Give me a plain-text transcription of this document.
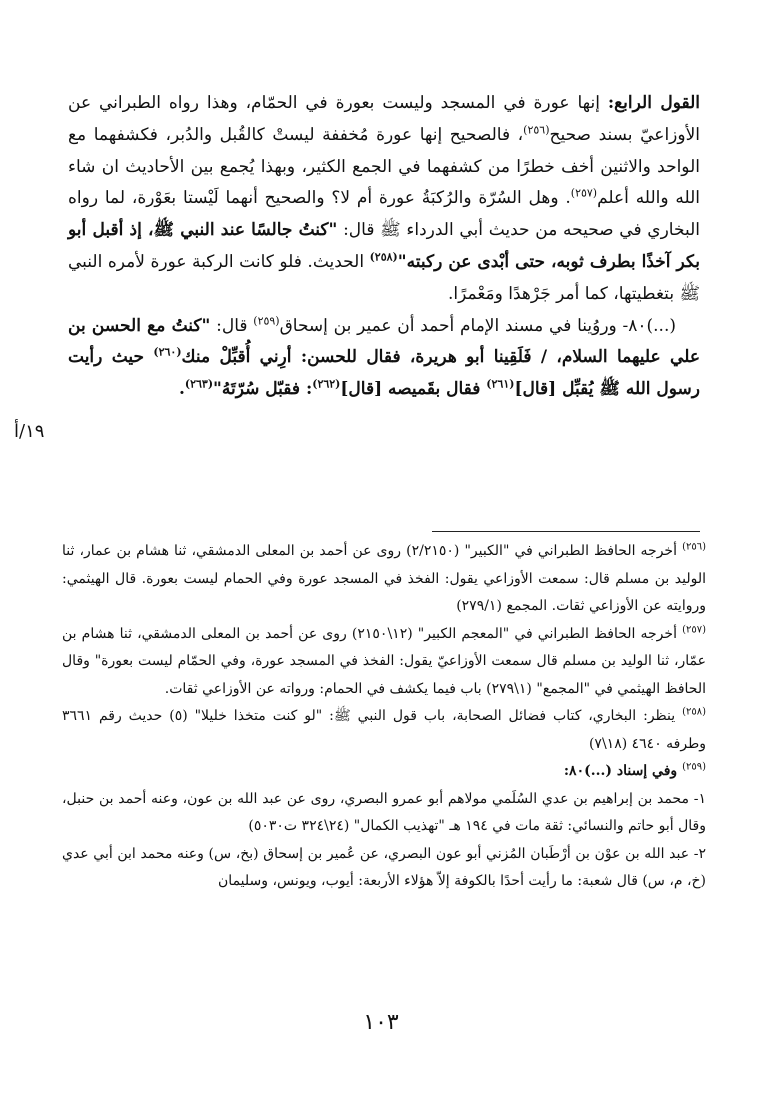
القول الرابع: إنها عورة في المسجد وليست بعورة في الحمّام، وهذا رواه الطبراني عن الأوزاعيّ بسند صحيح$^{(٢٥٦)}$، فالصحيح إنها عورة مُخففة ليستْ كالقُبل والدُبر، فكشفهما مع الواحد والاثنين أخف خطرًا من كشفهما في الجمع الكثير، وبهذا يُجمع بين الأحاديث ان شاء الله والله أعلم$^{(٢٥٧)}$. وهل السُرّة والرُكبَةُ عورة أم لا؟ والصحيح أنهما لَيْستا بعَوْرة، لما رواه البخاري في صحيحه من حديث أبي الدرداء ﷺ قال: "كنتُ جالسًا عند النبي ﷺ، إذ أقبل أبو بكر آخذًا بطرف ثوبه، حتى أبْدى عن ركبته"$^{(٢٥٨)}$ الحديث. فلو كانت الركبة عورة لأمره النبي ﷺ بتغطيتها، كما أمر جَرْهدًا ومَعْمرًا.

(...)٨٠- وروُينا في مسند الإمام أحمد أن عمير بن إسحاق$^{(٢٥٩)}$ قال: "كنتُ مع الحسن بن علي عليهما السلام، / فَلَقِينا أبو هريرة، فقال للحسن: أرِني أُقبِّلْ منك$^{(٢٦٠)}$ حيث رأيت رسول الله ﷺ يُقبِّل [قال]$^{(٢٦١)}$ فقال بقَميصه [قال]$^{(٢٦٢)}$: فقبّل سُرّتَهُ"$^{(٢٦٣)}$.

١٩/أ

$^{(٢٥٦)}$ أخرجه الحافظ الطبراني في "الكبير" (٢/٢١٥٠) روى عن أحمد بن المعلى الدمشقي، ثنا هشام بن عمار، ثنا الوليد بن مسلم قال: سمعت الأوزاعي يقول: الفخذ في المسجد عورة وفي الحمام ليست بعورة. قال الهيثمي: وروايته عن الأوزاعي ثقات. المجمع (٢٧٩/١)

$^{(٢٥٧)}$ أخرجه الحافظ الطبراني في "المعجم الكبير" (١٢\٢١٥٠) روى عن أحمد بن المعلى الدمشقي، ثنا هشام بن عمّار، ثنا الوليد بن مسلم قال سمعت الأوزاعيّ يقول: الفخذ في المسجد عورة، وفي الحمّام ليست بعورة" وقال الحافظ الهيثمي في "المجمع" (١\٢٧٩) باب فيما يكشف في الحمام: ورواته عن الأوزاعي ثقات.

$^{(٢٥٨)}$ ينظر: البخاري، كتاب فضائل الصحابة، باب قول النبي ﷺ: "لو كنت متخذا خليلا" (٥) حديث رقم ٣٦٦١ وطرفه ٤٦٤٠ (١٨\٧)

$^{(٢٥٩)}$ وفي إسناد (...)٨٠:

١- محمد بن إبراهيم بن عدي السُلَمي مولاهم أبو عمرو البصري، روى عن عبد الله بن عون، وعنه أحمد بن حنبل، وقال أبو حاتم والنسائي: ثقة مات في ١٩٤ هـ "تهذيب الكمال" (٢٤\٣٢٤ ت٥٠٣٠)

٢- عبد الله بن عوْن بن أرْطَبان المُزني أبو عون البصري، عن عُمير بن إسحاق (بخ، س) وعنه محمد ابن أبي عدي (خ، م، س) قال شعبة: ما رأيت أحدًا بالكوفة إلاّ هؤلاء الأربعة: أيوب، ويونس، وسليمان

١٠٣
